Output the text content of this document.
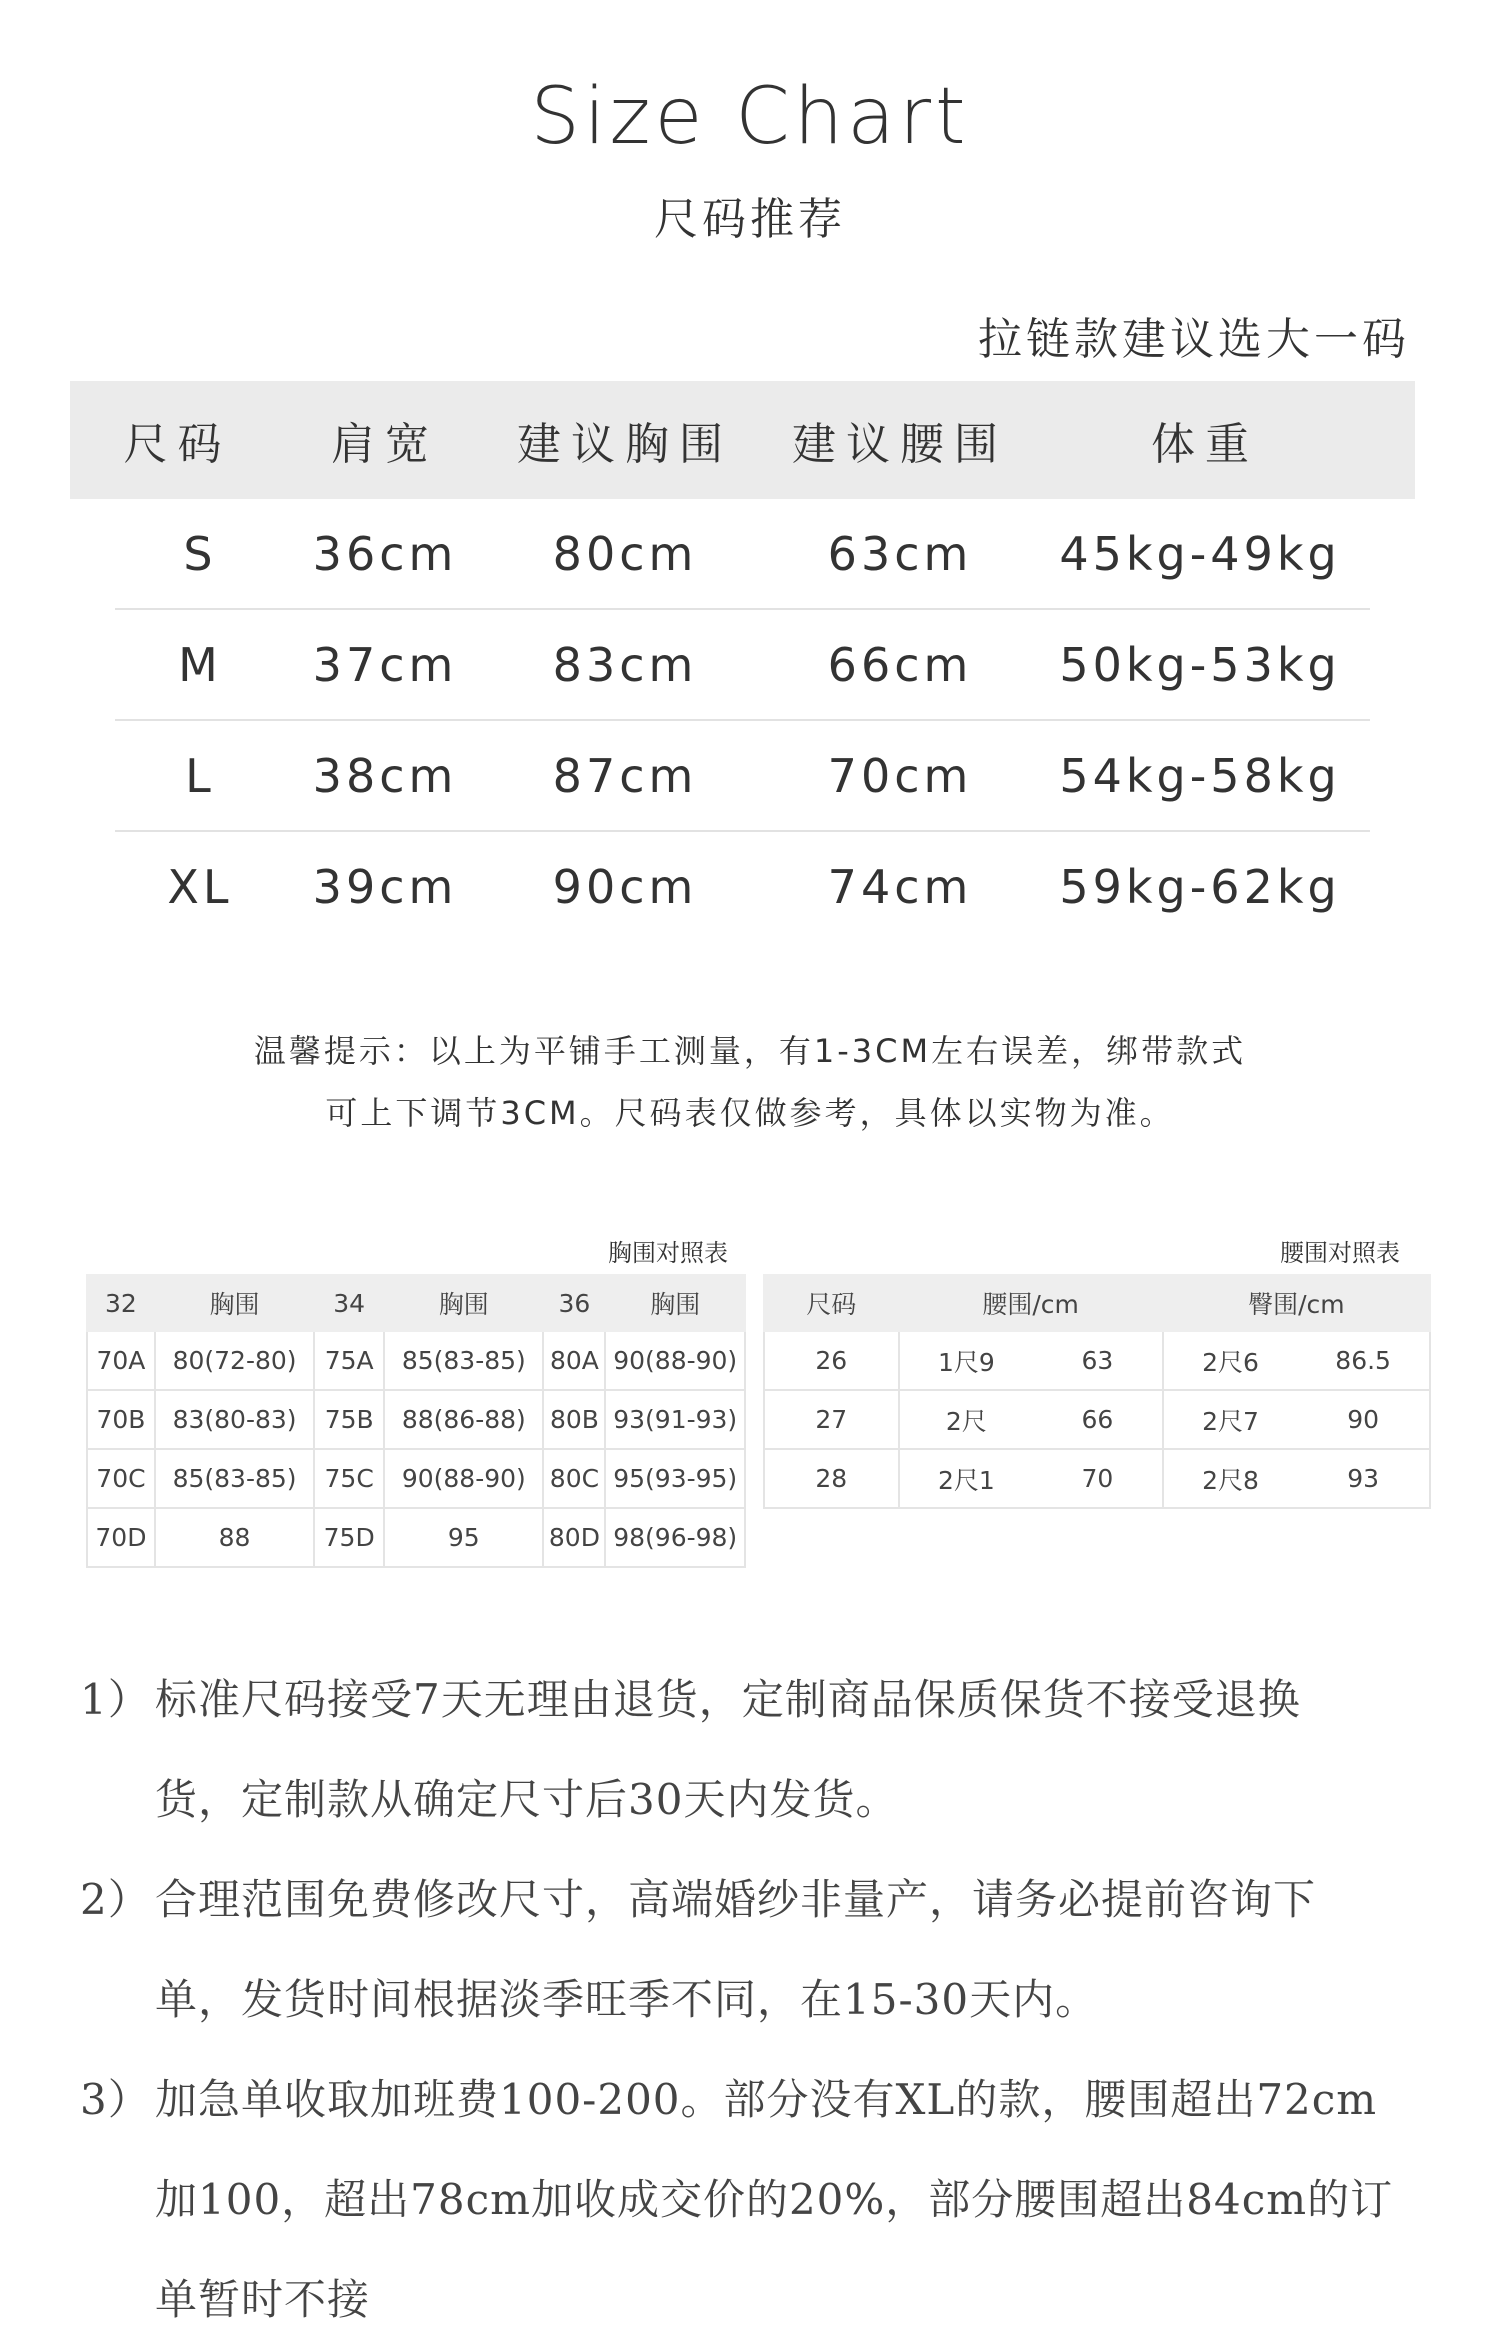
Size Chart
尺码推荐
拉链款建议选大一码
尺码	肩宽	建议胸围	建议腰围	体重
S	36cm	80cm	63cm	45kg-49kg
M	37cm	83cm	66cm	50kg-53kg
L	38cm	87cm	70cm	54kg-58kg
XL	39cm	90cm	74cm	59kg-62kg
温馨提示：以上为平铺手工测量，有1-3CM左右误差，绑带款式
可上下调节3CM。尺码表仅做参考，具体以实物为准。
胸围对照表
32	胸围	34	胸围	36	胸围
70A	80(72-80)	75A	85(83-85)	80A	90(88-90)
70B	83(80-83)	75B	88(86-88)	80B	93(91-93)
70C	85(83-85)	75C	90(88-90)	80C	95(93-95)
70D	88	75D	95	80D	98(96-98)
腰围对照表
尺码	腰围/cm		臀围/cm	
26	1尺9	63	2尺6	86.5
27	2尺	66	2尺7	90
28	2尺1	70	2尺8	93
1） 标准尺码接受7天无理由退货，定制商品保质保货不接受退换
货，定制款从确定尺寸后30天内发货。
2） 合理范围免费修改尺寸，高端婚纱非量产，请务必提前咨询下
单，发货时间根据淡季旺季不同，在15-30天内。
3） 加急单收取加班费100-200。部分没有XL的款，腰围超出72cm
加100，超出78cm加收成交价的20%，部分腰围超出84cm的订
单暂时不接
